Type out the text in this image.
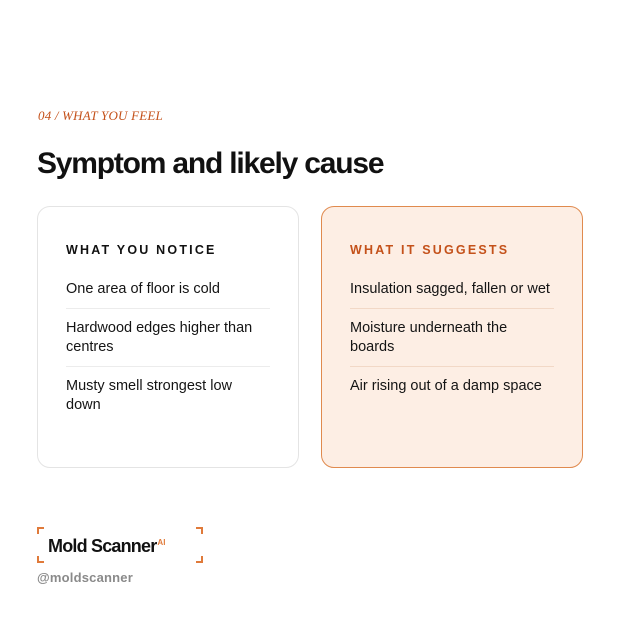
04 / WHAT YOU FEEL
Symptom and likely cause
WHAT YOU NOTICE
One area of floor is cold
Hardwood edges higher than centres
Musty smell strongest low down
WHAT IT SUGGESTS
Insulation sagged, fallen or wet
Moisture underneath the boards
Air rising out of a damp space
Mold Scanner$^{AI}$
@moldscanner
